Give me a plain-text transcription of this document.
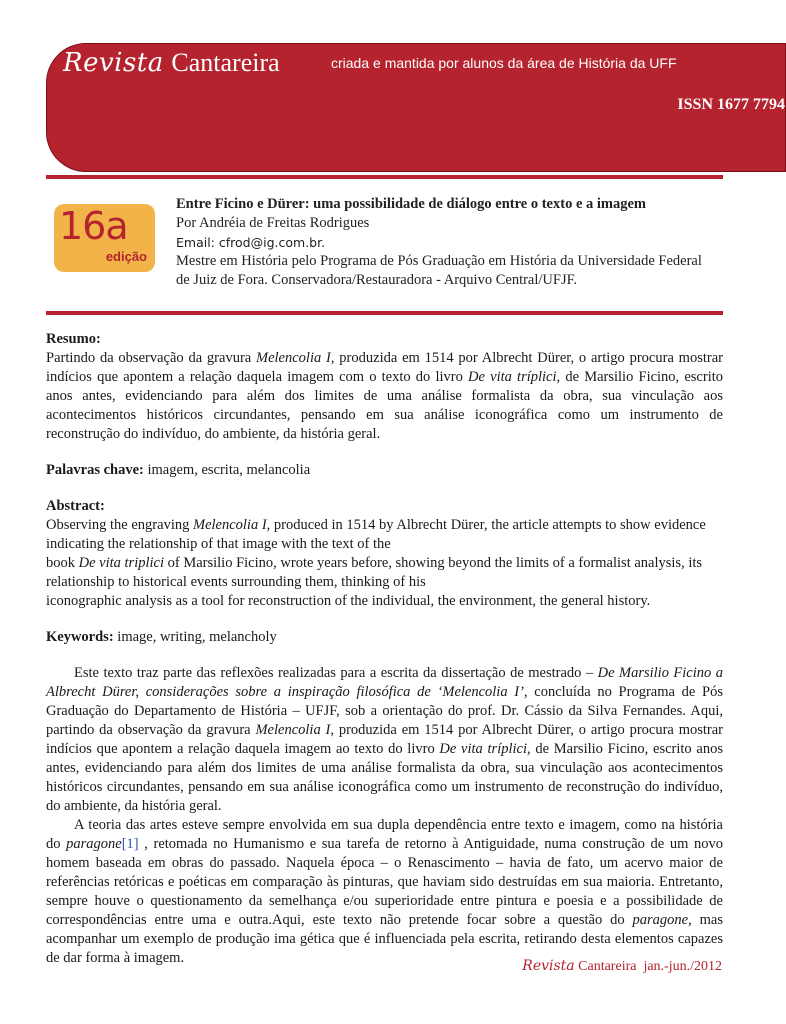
Revista Cantareira	criada e mantida por alunos da área de História da UFF
ISSN 1677 7794
16a
edição
Entre Ficino e Dürer: uma possibilidade de diálogo entre o texto e a imagem
Por Andréia de Freitas Rodrigues
Email: cfrod@ig.com.br.
Mestre em História pelo Programa de Pós Graduação em História da Universidade Federal de Juiz de Fora. Conservadora/Restauradora - Arquivo Central/UFJF.

Resumo:

Partindo da observação da gravura Melencolia I, produzida em 1514 por Albrecht Dürer, o artigo procura mostrar indícios que apontem a relação daquela imagem com o texto do livro De vita tríplici, de Marsilio Ficino, escrito anos antes, evidenciando para além dos limites de uma análise formalista da obra, sua vinculação aos acontecimentos históricos circundantes, pensando em sua análise iconográfica como um instrumento de reconstrução do indivíduo, do ambiente, da história geral.

Palavras chave: imagem, escrita, melancolia

Abstract:

Observing the engraving Melencolia I, produced in 1514 by Albrecht Dürer, the article attempts to show evidence indicating the relationship of that image with the text of the
book De vita triplici of Marsilio Ficino, wrote years before, showing beyond the limits of a formalist analysis, its relationship to historical events surrounding them, thinking of his
iconographic analysis as a tool for reconstruction of the individual, the environment, the general history.

Keywords: image, writing, melancholy

Este texto traz parte das reflexões realizadas para a escrita da dissertação de mestrado – De Marsilio Ficino a Albrecht Dürer, considerações sobre a inspiração filosófica de ‘Melencolia I’, concluída no Programa de Pós Graduação do Departamento de História – UFJF, sob a orientação do prof. Dr. Cássio da Silva Fernandes. Aqui, partindo da observação da gravura Melencolia I, produzida em 1514 por Albrecht Dürer, o artigo procura mostrar indícios que apontem a relação daquela imagem ao texto do livro De vita tríplici, de Marsilio Ficino, escrito anos antes, evidenciando para além dos limites de uma análise formalista da obra, sua vinculação aos acontecimentos históricos circundantes, pensando em sua análise iconográfica como um instrumento de reconstrução do indivíduo, do ambiente, da história geral.

A teoria das artes esteve sempre envolvida em sua dupla dependência entre texto e imagem, como na história do paragone[1] , retomada no Humanismo e sua tarefa de retorno à Antiguidade, numa construção de um novo homem baseada em obras do passado. Naquela época – o Renascimento – havia de fato, um acervo maior de referências retóricas e poéticas em comparação às pinturas, que haviam sido destruídas em sua maioria. Entretanto, sempre houve o questionamento da semelhança e/ou superioridade entre pintura e poesia e a possibilidade de correspondências entre uma e outra.Aqui, este texto não pretende focar sobre a questão do paragone, mas acompanhar um exemplo de produção ima gética que é influenciada pela escrita, retirando desta elementos capazes de dar forma à imagem.	Revista Cantareira jan.-jun./2012
